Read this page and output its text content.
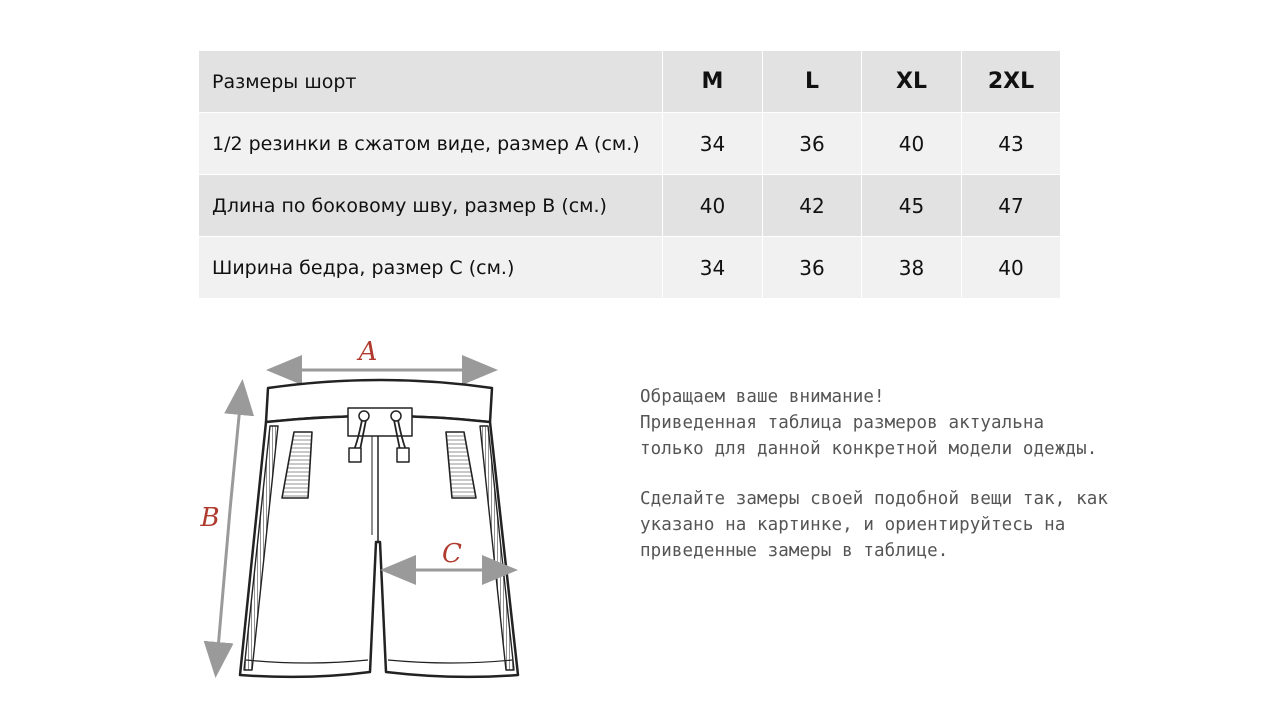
Размеры шорт	M	L	XL	2XL
1/2 резинки в сжатом виде, размер A (см.)	34	36	40	43
Длина по боковому шву, размер B (см.)	40	42	45	47
Ширина бедра, размер C (см.)	34	36	38	40
A
B
C

Обращаем ваше внимание!
Приведенная таблица размеров актуальна
только для данной конкретной модели одежды.

Сделайте замеры своей подобной вещи так, как
указано на картинке, и ориентируйтесь на
приведенные замеры в таблице.
